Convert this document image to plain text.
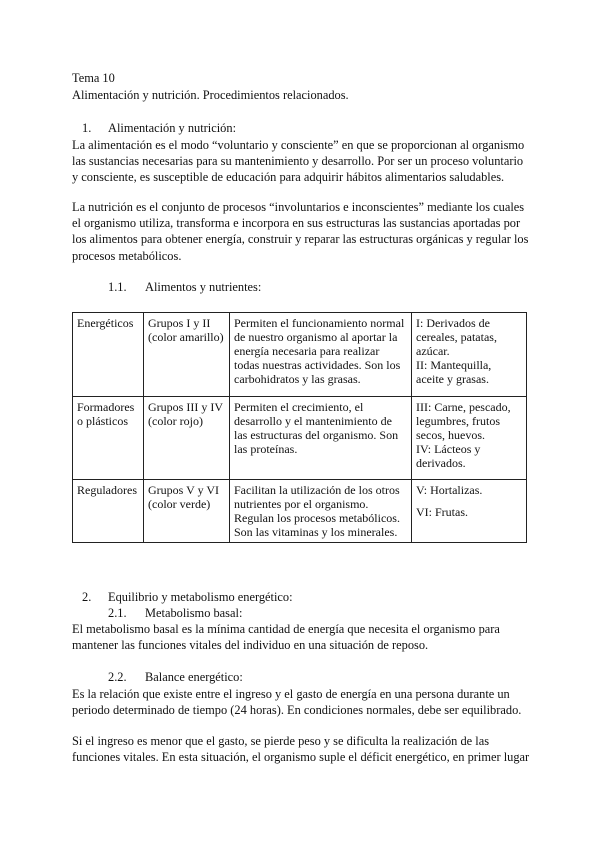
Tema 10
Alimentación y nutrición. Procedimientos relacionados.
1. Alimentación y nutrición:
La alimentación es el modo “voluntario y consciente” en que se proporcionan al organismo las sustancias necesarias para su mantenimiento y desarrollo. Por ser un proceso voluntario y consciente, es susceptible de educación para adquirir hábitos alimentarios saludables.
La nutrición es el conjunto de procesos “involuntarios e inconscientes” mediante los cuales el organismo utiliza, transforma e incorpora en sus estructuras las sustancias aportadas por los alimentos para obtener energía, construir y reparar las estructuras orgánicas y regular los procesos metabólicos.
1.1. Alimentos y nutrientes:
Energéticos	Grupos I y II (color amarillo)	Permiten el funcionamiento normal de nuestro organismo al aportar la energía necesaria para realizar todas nuestras actividades. Son los carbohidratos y las grasas.	I: Derivados de cereales, patatas, azúcar.
II: Mantequilla, aceite y grasas.

Formadores o plásticos	Grupos III y IV (color rojo)	Permiten el crecimiento, el desarrollo y el mantenimiento de las estructuras del organismo. Son las proteínas.	III: Carne, pescado, legumbres, frutos secos, huevos.
IV: Lácteos y derivados.

Reguladores	Grupos V y VI (color verde)	Facilitan la utilización de los otros nutrientes por el organismo. Regulan los procesos metabólicos. Son las vitaminas y los minerales.	V: Hortalizas.
VI: Frutas.
2. Equilibrio y metabolismo energético:
2.1. Metabolismo basal:
El metabolismo basal es la mínima cantidad de energía que necesita el organismo para mantener las funciones vitales del individuo en una situación de reposo.
2.2. Balance energético:
Es la relación que existe entre el ingreso y el gasto de energía en una persona durante un periodo determinado de tiempo (24 horas). En condiciones normales, debe ser equilibrado.
Si el ingreso es menor que el gasto, se pierde peso y se dificulta la realización de las funciones vitales. En esta situación, el organismo suple el déficit energético, en primer lugar
